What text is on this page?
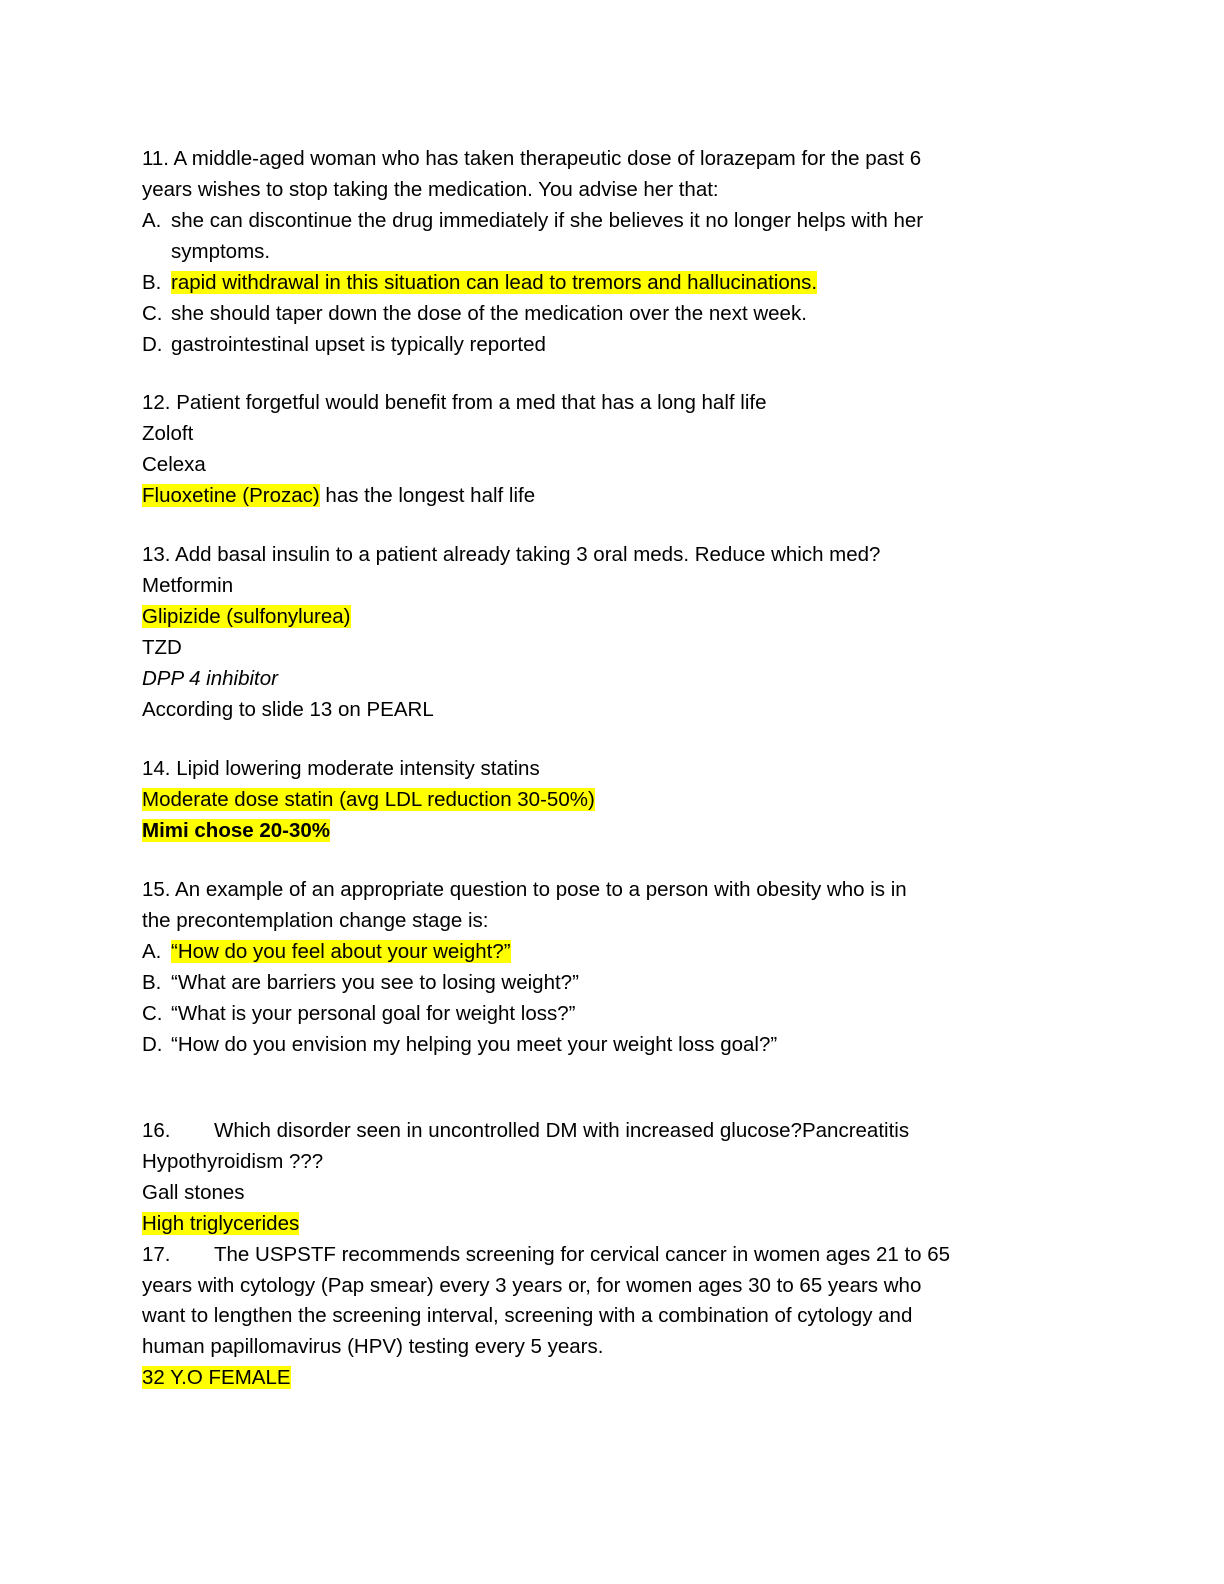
11. A middle-aged woman who has taken therapeutic dose of lorazepam for the past 6
years wishes to stop taking the medication. You advise her that:
A. she can discontinue the drug immediately if she believes it no longer helps with her
symptoms.
B. rapid withdrawal in this situation can lead to tremors and hallucinations.
C. she should taper down the dose of the medication over the next week.
D. gastrointestinal upset is typically reported
12. Patient forgetful would benefit from a med that has a long half life
Zoloft
Celexa
Fluoxetine (Prozac) has the longest half life
13. Add basal insulin to a patient already taking 3 oral meds. Reduce which med?
Metformin
Glipizide (sulfonylurea)
TZD
DPP 4 inhibitor
According to slide 13 on PEARL
14. Lipid lowering moderate intensity statins
Moderate dose statin (avg LDL reduction 30-50%)
Mimi chose 20-30%
15. An example of an appropriate question to pose to a person with obesity who is in
the precontemplation change stage is:
A. “How do you feel about your weight?”
B. “What are barriers you see to losing weight?”
C. “What is your personal goal for weight loss?”
D. “How do you envision my helping you meet your weight loss goal?”
16. Which disorder seen in uncontrolled DM with increased glucose?Pancreatitis
Hypothyroidism ???
Gall stones
High triglycerides
17. The USPSTF recommends screening for cervical cancer in women ages 21 to 65
years with cytology (Pap smear) every 3 years or, for women ages 30 to 65 years who
want to lengthen the screening interval, screening with a combination of cytology and
human papillomavirus (HPV) testing every 5 years.
32 Y.O FEMALE
